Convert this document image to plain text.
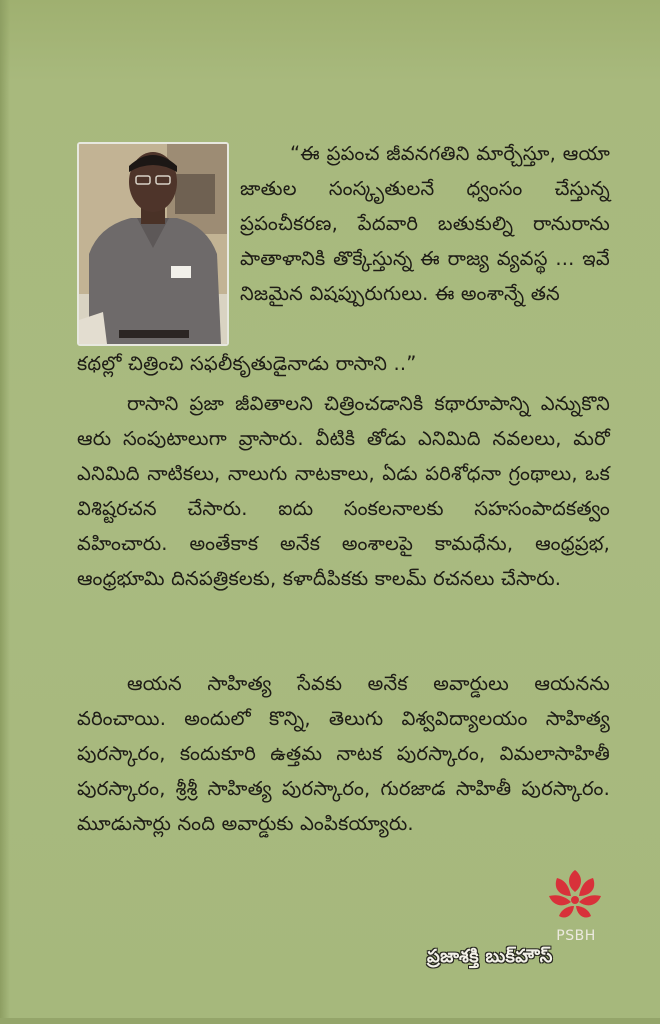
“ఈ ప్రపంచ జీవనగతిని మార్చేస్తూ, ఆయా జాతుల సంస్కృతులనే ధ్వంసం చేస్తున్న ప్రపంచీకరణ, పేదవారి బతుకుల్ని రానురాను పాతాళానికి తొక్కేస్తున్న ఈ రాజ్య వ్యవస్థ ... ఇవే నిజమైన విషప్పురుగులు. ఈ అంశాన్నే తన

కథల్లో చిత్రించి సఫలీకృతుడైనాడు రాసాని ..”

రాసాని ప్రజా జీవితాలని చిత్రించడానికి కథారూపాన్ని ఎన్నుకొని ఆరు సంపుటాలుగా వ్రాసారు. వీటికి తోడు ఎనిమిది నవలలు, మరో ఎనిమిది నాటికలు, నాలుగు నాటకాలు, ఏడు పరిశోధనా గ్రంథాలు, ఒక విశిష్టరచన చేసారు. ఐదు సంకలనాలకు సహసంపాదకత్వం వహించారు. అంతేకాక అనేక అంశాలపై కామధేను, ఆంధ్రప్రభ, ఆంధ్రభూమి దినపత్రికలకు, కళాదీపికకు కాలమ్ రచనలు చేసారు.

ఆయన సాహిత్య సేవకు అనేక అవార్డులు ఆయనను వరించాయి. అందులో కొన్ని, తెలుగు విశ్వవిద్యాలయం సాహిత్య పురస్కారం, కందుకూరి ఉత్తమ నాటక పురస్కారం, విమలాసాహితీ పురస్కారం, శ్రీశ్రీ సాహిత్య పురస్కారం, గురజాడ సాహితీ పురస్కారం. మూడుసార్లు నంది అవార్డుకు ఎంపికయ్యారు.

PSBH
ప్రజాశక్తి బుక్‌హౌస్
